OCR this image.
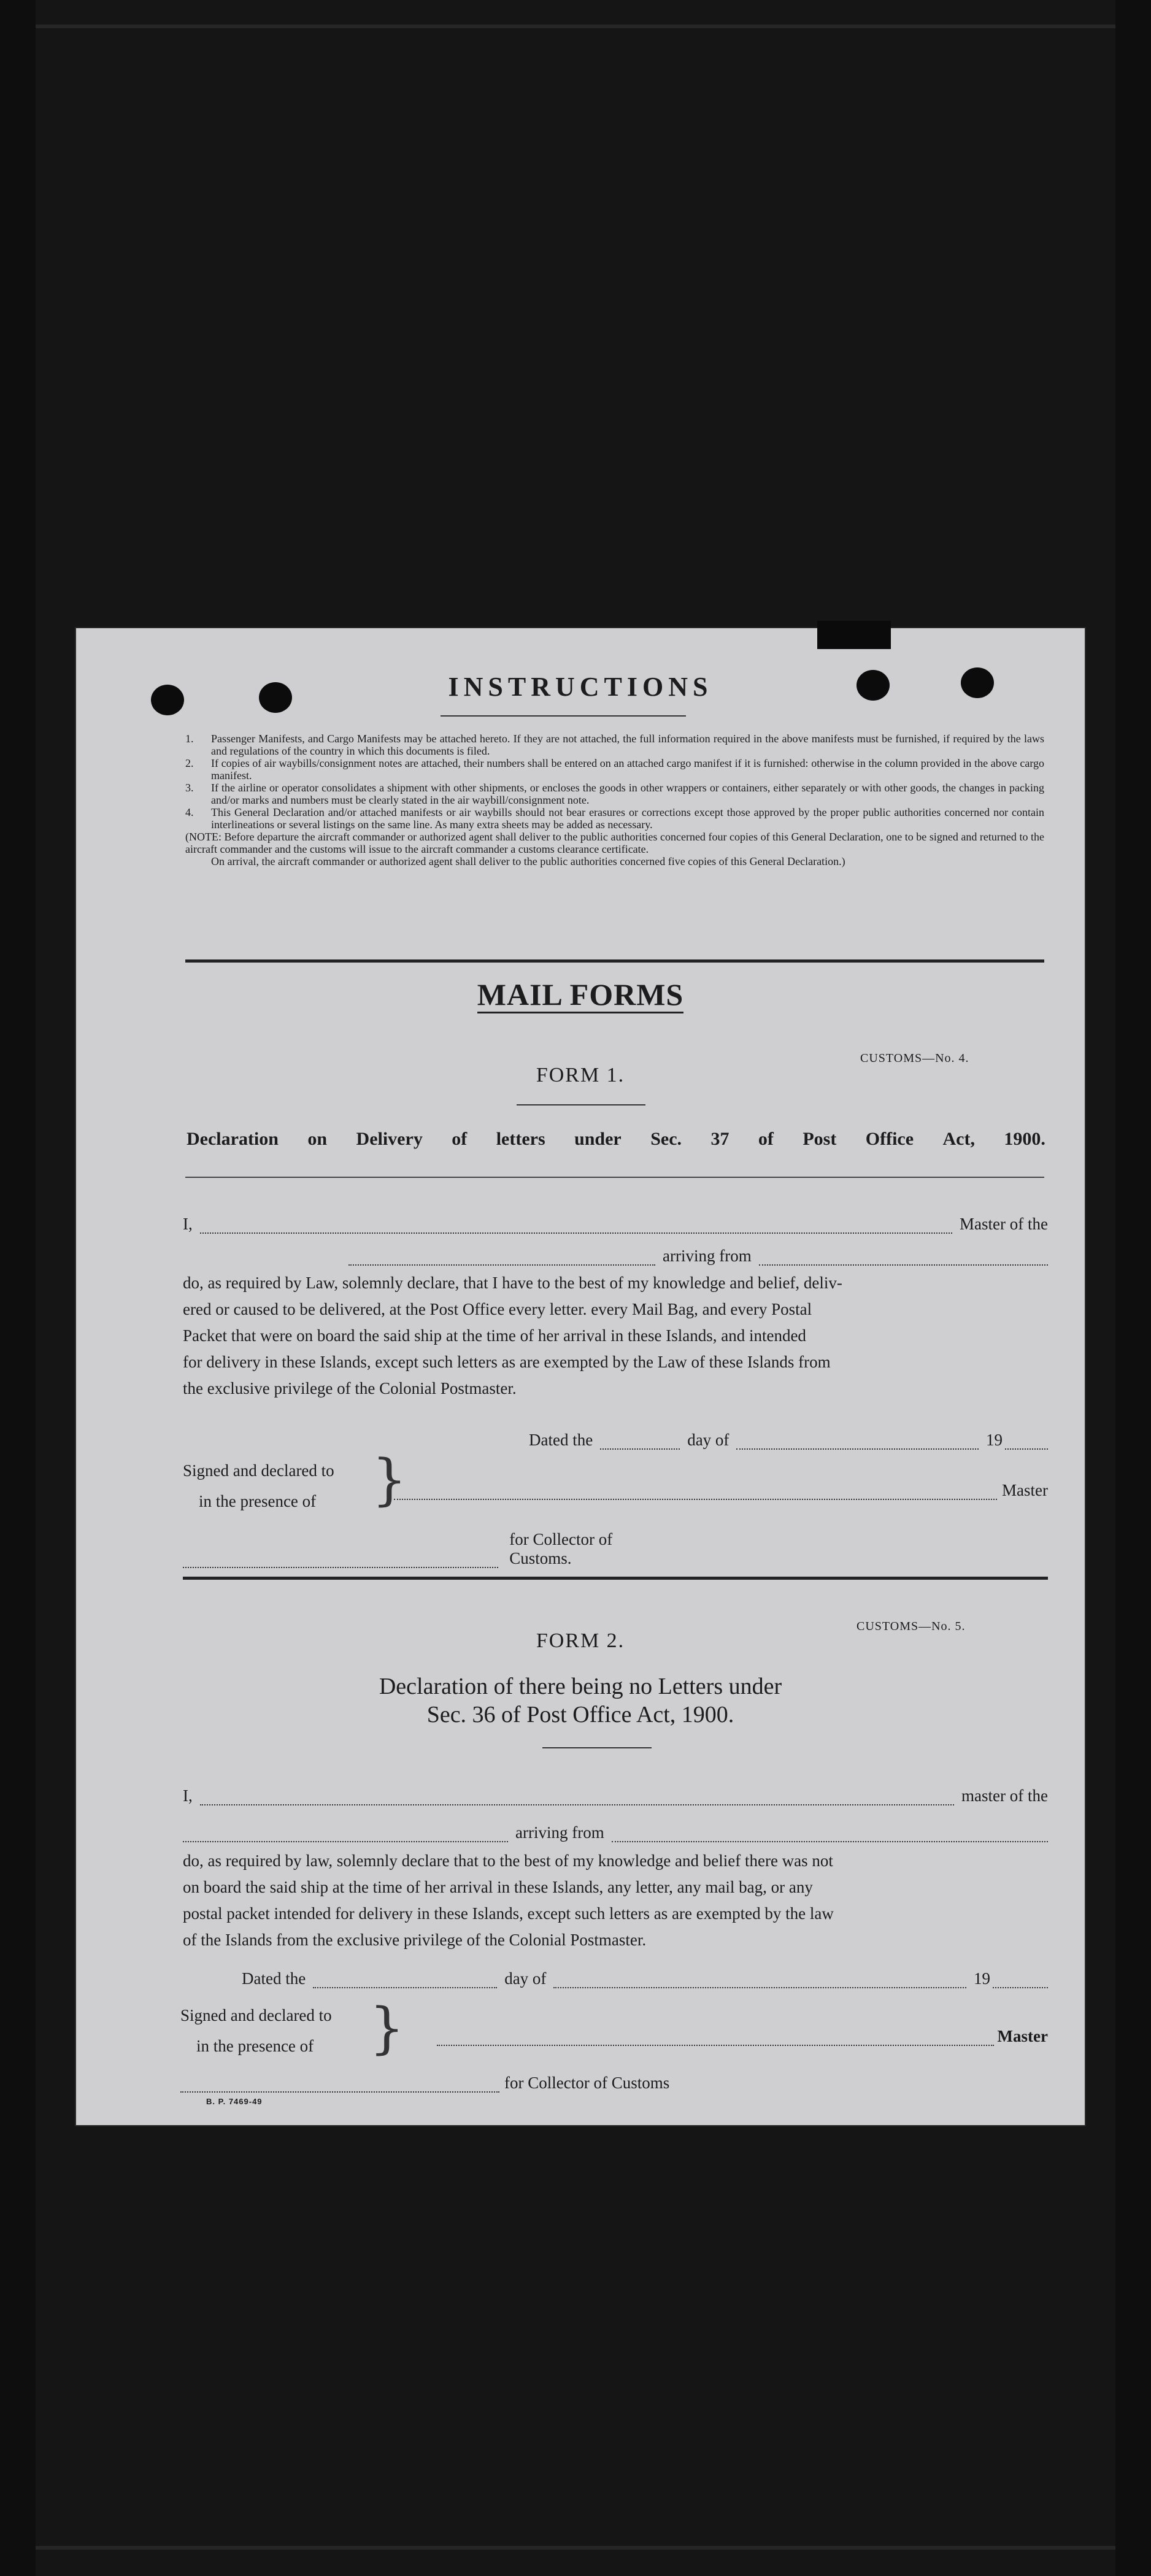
INSTRUCTIONS
1.	Passenger Manifests, and Cargo Manifests may be attached hereto. If they are not attached, the full information required in the above manifests must be furnished, if required by the laws and regulations of the country in which this documents is filed.
2.	If copies of air waybills/consignment notes are attached, their numbers shall be entered on an attached cargo manifest if it is furnished: otherwise in the column provided in the above cargo manifest.
3.	If the airline or operator consolidates a shipment with other shipments, or encloses the goods in other wrappers or containers, either separately or with other goods, the changes in packing and/or marks and numbers must be clearly stated in the air waybill/consignment note.
4.	This General Declaration and/or attached manifests or air waybills should not bear erasures or corrections except those approved by the proper public authorities concerned nor contain interlineations or several listings on the same line. As many extra sheets may be added as necessary.
(NOTE: Before departure the aircraft commander or authorized agent shall deliver to the public authorities concerned four copies of this General Declaration, one to be signed and returned to the aircraft commander and the customs will issue to the aircraft commander a customs clearance certificate.
On arrival, the aircraft commander or authorized agent shall deliver to the public authorities concerned five copies of this General Declaration.)
MAIL FORMS
CUSTOMS—No. 4.
FORM 1.
Declaration on Delivery of letters under Sec. 37 of Post Office Act, 1900.
I,	Master of the
arriving from
do, as required by Law, solemnly declare, that I have to the best of my knowledge and belief, deliv-
ered or caused to be delivered, at the Post Office every letter. every Mail Bag, and every Postal
Packet that were on board the said ship at the time of her arrival in these Islands, and intended
for delivery in these Islands, except such letters as are exempted by the Law of these Islands from
the exclusive privilege of the Colonial Postmaster.
Dated the	day of	19
Signed and declared to
in the presence of	}	Master
for Collector of Customs.
CUSTOMS—No. 5.
FORM 2.
Declaration of there being no Letters under
Sec. 36 of Post Office Act, 1900.
I,	master of the
arriving from
do, as required by law, solemnly declare that to the best of my knowledge and belief there was not
on board the said ship at the time of her arrival in these Islands, any letter, any mail bag, or any
postal packet intended for delivery in these Islands, except such letters as are exempted by the law
of the Islands from the exclusive privilege of the Colonial Postmaster.
Dated the	day of	19
Signed and declared to
in the presence of	}	Master
for Collector of Customs
B. P. 7469-49
